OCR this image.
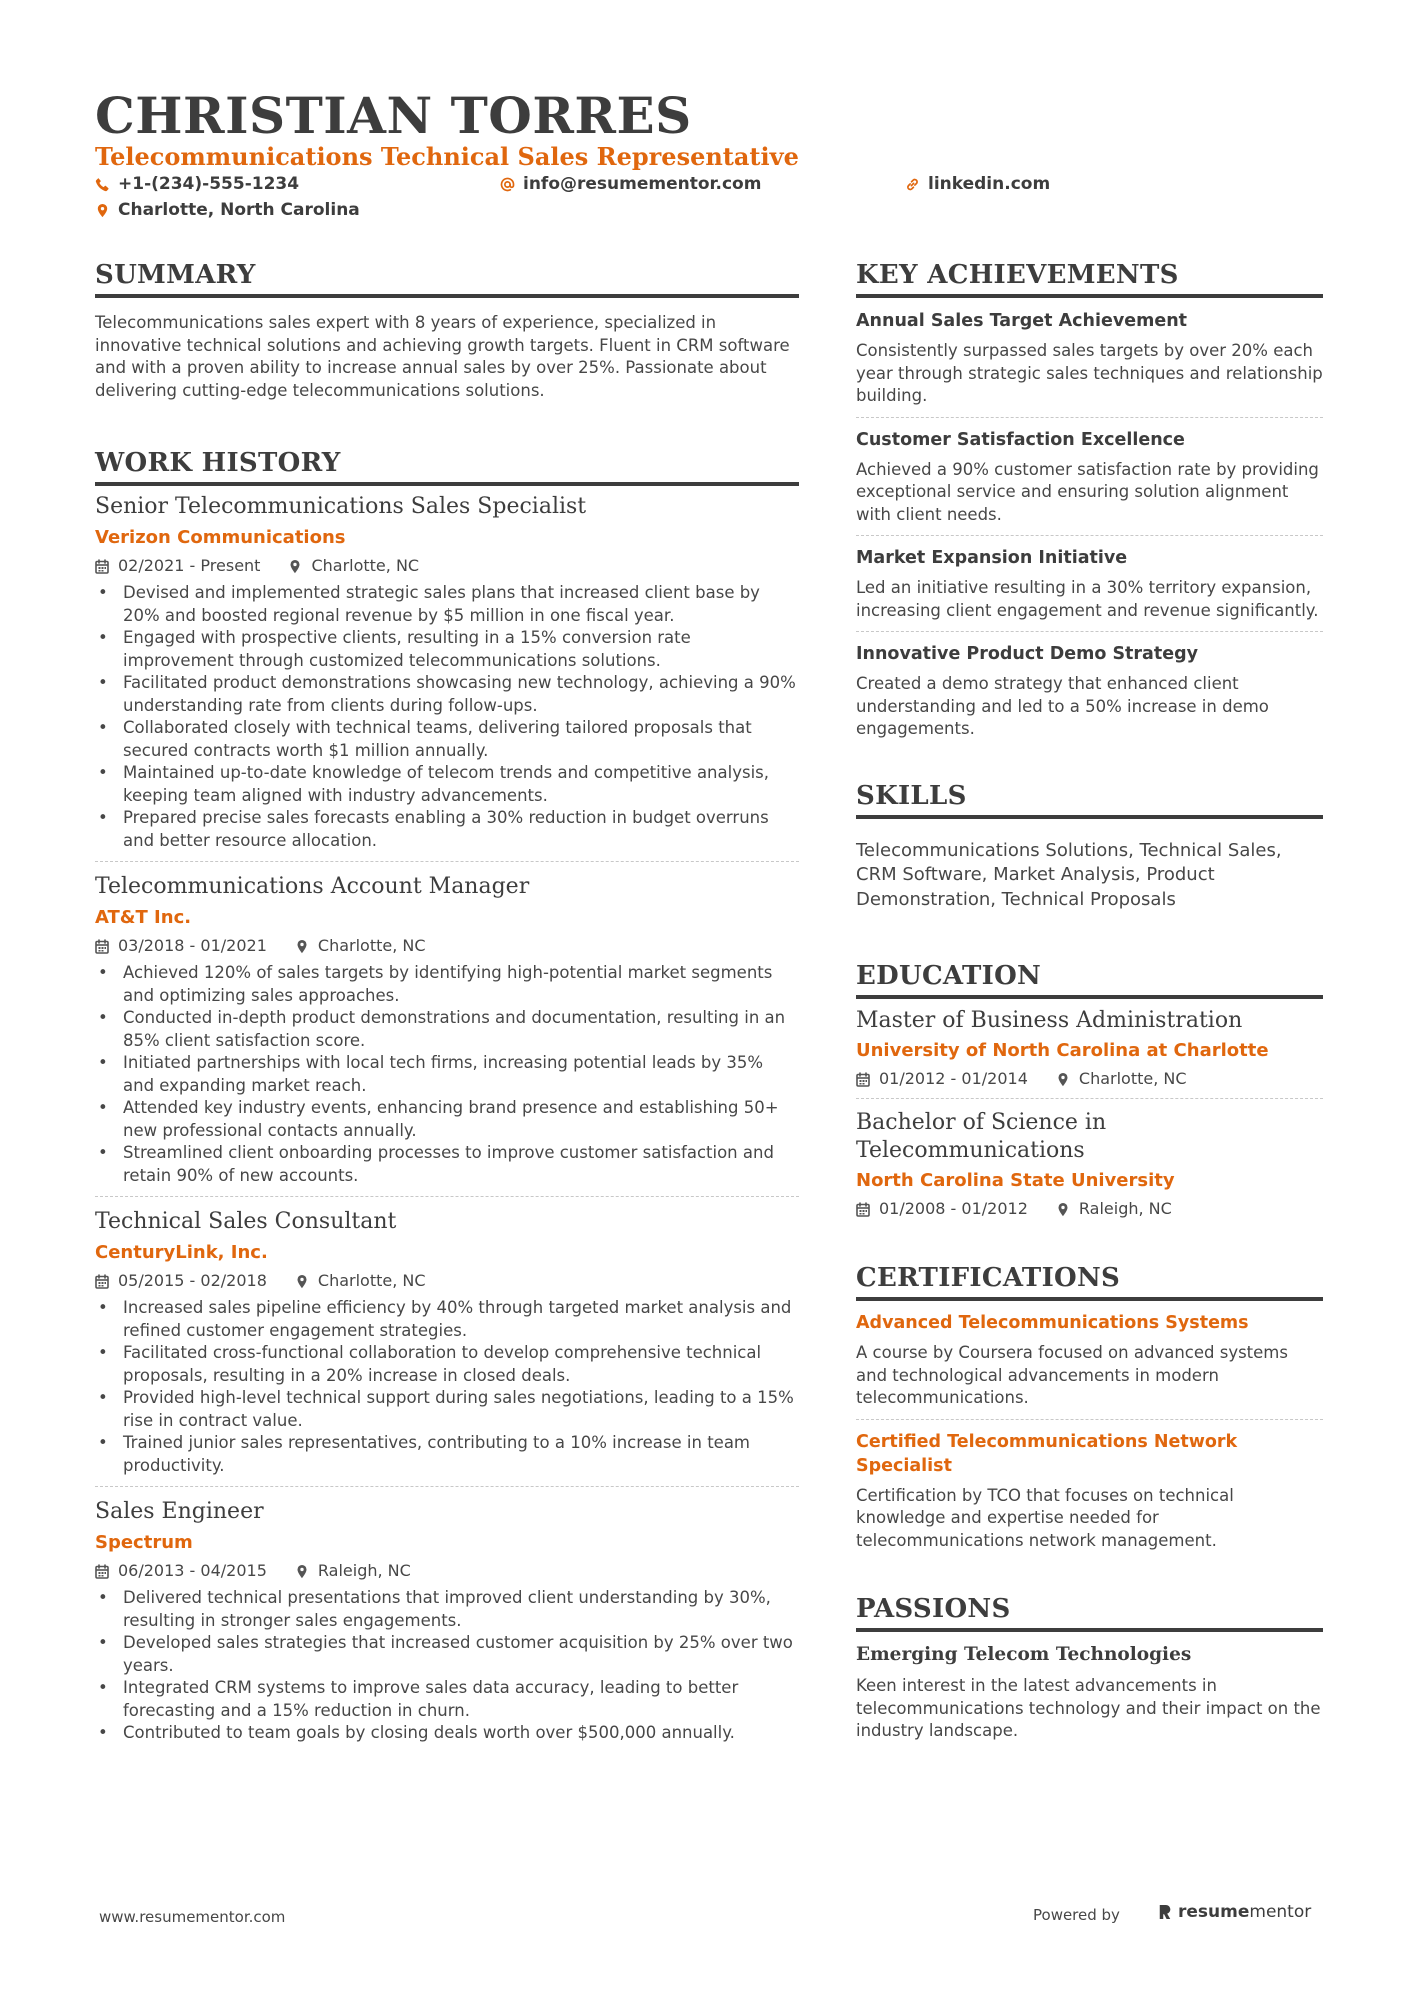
CHRISTIAN TORRES
Telecommunications Technical Sales Representative
+1-(234)-555-1234	info@resumementor.com	linkedin.com
Charlotte, North Carolina
SUMMARY

Telecommunications sales expert with 8 years of experience, specialized in innovative technical solutions and achieving growth targets. Fluent in CRM software and with a proven ability to increase annual sales by over 25%. Passionate about delivering cutting-edge telecommunications solutions.

WORK HISTORY
Senior Telecommunications Sales Specialist
Verizon Communications
02/2021 - Present	Charlotte, NC
• Devised and implemented strategic sales plans that increased client base by 20% and boosted regional revenue by $5 million in one fiscal year.
• Engaged with prospective clients, resulting in a 15% conversion rate improvement through customized telecommunications solutions.
• Facilitated product demonstrations showcasing new technology, achieving a 90% understanding rate from clients during follow-ups.
• Collaborated closely with technical teams, delivering tailored proposals that secured contracts worth $1 million annually.
• Maintained up-to-date knowledge of telecom trends and competitive analysis, keeping team aligned with industry advancements.
• Prepared precise sales forecasts enabling a 30% reduction in budget overruns and better resource allocation.
Telecommunications Account Manager
AT&T Inc.
03/2018 - 01/2021	Charlotte, NC
• Achieved 120% of sales targets by identifying high-potential market segments and optimizing sales approaches.
• Conducted in-depth product demonstrations and documentation, resulting in an 85% client satisfaction score.
• Initiated partnerships with local tech firms, increasing potential leads by 35% and expanding market reach.
• Attended key industry events, enhancing brand presence and establishing 50+ new professional contacts annually.
• Streamlined client onboarding processes to improve customer satisfaction and retain 90% of new accounts.
Technical Sales Consultant
CenturyLink, Inc.
05/2015 - 02/2018	Charlotte, NC
• Increased sales pipeline efficiency by 40% through targeted market analysis and refined customer engagement strategies.
• Facilitated cross-functional collaboration to develop comprehensive technical proposals, resulting in a 20% increase in closed deals.
• Provided high-level technical support during sales negotiations, leading to a 15% rise in contract value.
• Trained junior sales representatives, contributing to a 10% increase in team productivity.
Sales Engineer
Spectrum
06/2013 - 04/2015	Raleigh, NC
• Delivered technical presentations that improved client understanding by 30%, resulting in stronger sales engagements.
• Developed sales strategies that increased customer acquisition by 25% over two years.
• Integrated CRM systems to improve sales data accuracy, leading to better forecasting and a 15% reduction in churn.
• Contributed to team goals by closing deals worth over $500,000 annually.
KEY ACHIEVEMENTS
Annual Sales Target Achievement

Consistently surpassed sales targets by over 20% each year through strategic sales techniques and relationship building.

Customer Satisfaction Excellence

Achieved a 90% customer satisfaction rate by providing exceptional service and ensuring solution alignment with client needs.

Market Expansion Initiative

Led an initiative resulting in a 30% territory expansion, increasing client engagement and revenue significantly.

Innovative Product Demo Strategy

Created a demo strategy that enhanced client understanding and led to a 50% increase in demo engagements.

SKILLS

Telecommunications Solutions, Technical Sales, CRM Software, Market Analysis, Product Demonstration, Technical Proposals

EDUCATION
Master of Business Administration
University of North Carolina at Charlotte
01/2012 - 01/2014	Charlotte, NC
Bachelor of Science in Telecommunications
North Carolina State University
01/2008 - 01/2012	Raleigh, NC
CERTIFICATIONS
Advanced Telecommunications Systems

A course by Coursera focused on advanced systems and technological advancements in modern telecommunications.

Certified Telecommunications Network Specialist

Certification by TCO that focuses on technical knowledge and expertise needed for telecommunications network management.

PASSIONS
Emerging Telecom Technologies

Keen interest in the latest advancements in telecommunications technology and their impact on the industry landscape.

www.resumementor.com	Powered by	resumementor
